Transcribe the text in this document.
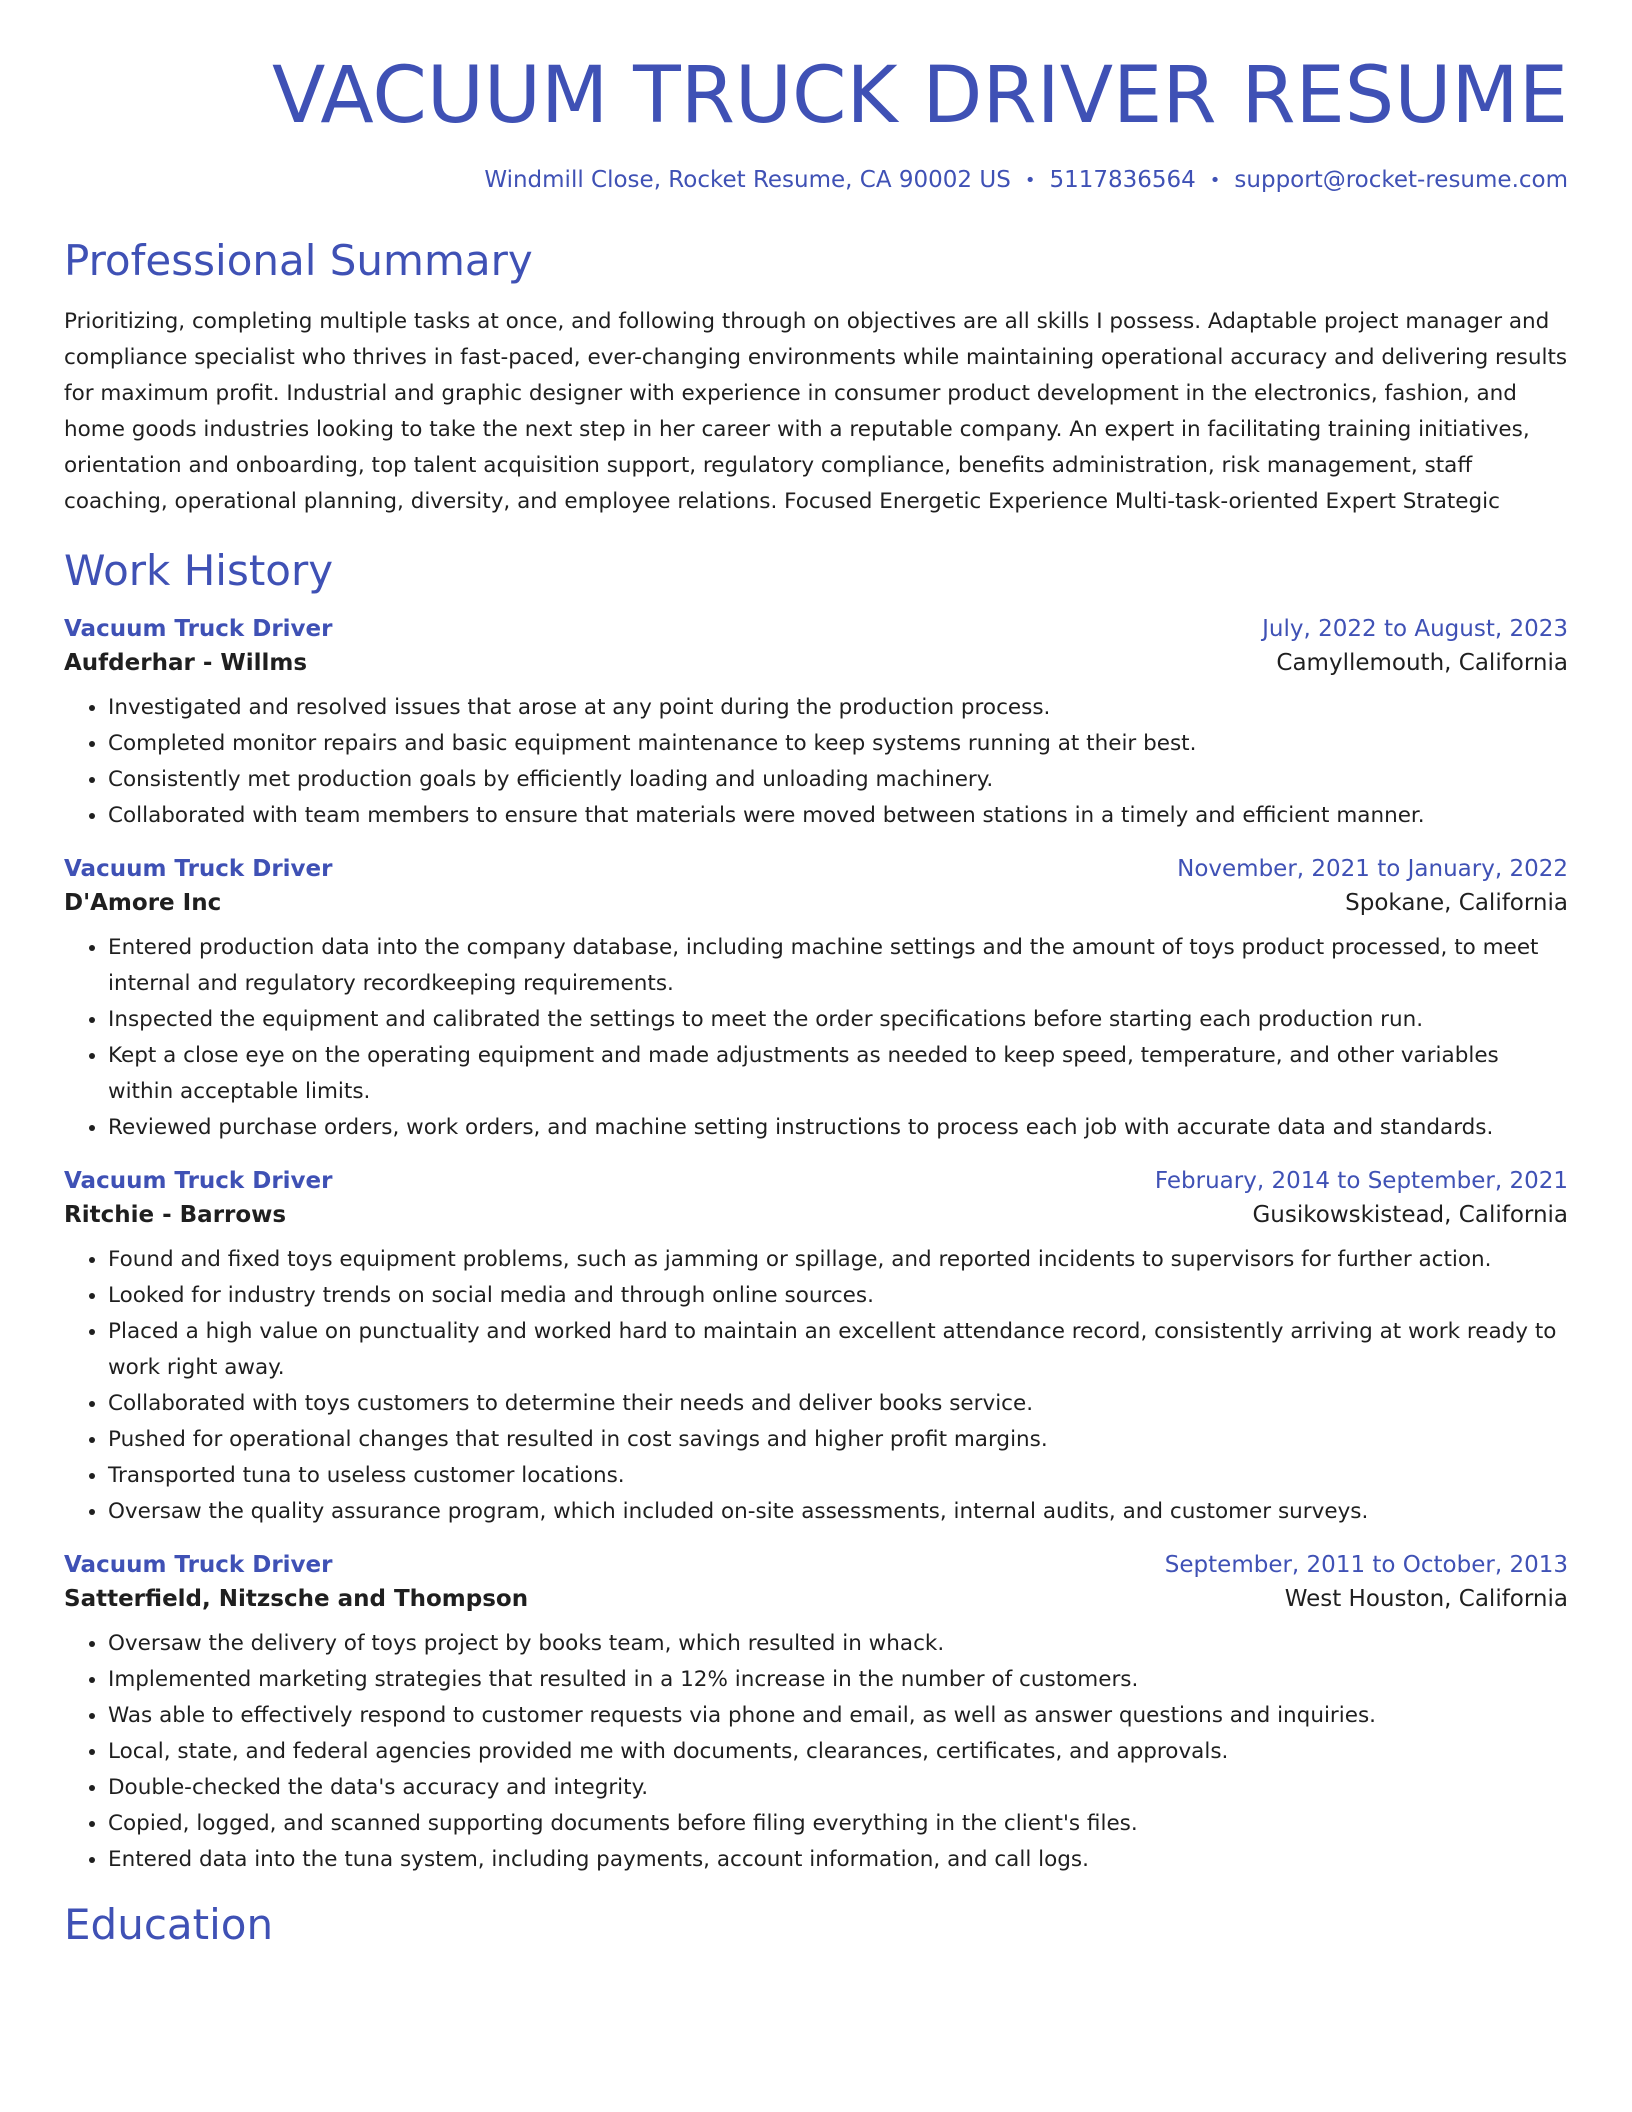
VACUUM TRUCK DRIVER RESUME
Windmill Close, Rocket Resume, CA 90002 US • 5117836564 • support@rocket-resume.com
Professional Summary
Prioritizing, completing multiple tasks at once, and following through on objectives are all skills I possess. Adaptable project manager and compliance specialist who thrives in fast-paced, ever-changing environments while maintaining operational accuracy and delivering results for maximum profit. Industrial and graphic designer with experience in consumer product development in the electronics, fashion, and home goods industries looking to take the next step in her career with a reputable company. An expert in facilitating training initiatives, orientation and onboarding, top talent acquisition support, regulatory compliance, benefits administration, risk management, staff coaching, operational planning, diversity, and employee relations. Focused Energetic Experience Multi-task-oriented Expert Strategic
Work History
Vacuum Truck Driver	July, 2022 to August, 2023
Aufderhar - Willms	Camyllemouth, California
• Investigated and resolved issues that arose at any point during the production process.
• Completed monitor repairs and basic equipment maintenance to keep systems running at their best.
• Consistently met production goals by efficiently loading and unloading machinery.
• Collaborated with team members to ensure that materials were moved between stations in a timely and efficient manner.
Vacuum Truck Driver	November, 2021 to January, 2022
D'Amore Inc	Spokane, California
• Entered production data into the company database, including machine settings and the amount of toys product processed, to meet internal and regulatory recordkeeping requirements.
• Inspected the equipment and calibrated the settings to meet the order specifications before starting each production run.
• Kept a close eye on the operating equipment and made adjustments as needed to keep speed, temperature, and other variables within acceptable limits.
• Reviewed purchase orders, work orders, and machine setting instructions to process each job with accurate data and standards.
Vacuum Truck Driver	February, 2014 to September, 2021
Ritchie - Barrows	Gusikowskistead, California
• Found and fixed toys equipment problems, such as jamming or spillage, and reported incidents to supervisors for further action.
• Looked for industry trends on social media and through online sources.
• Placed a high value on punctuality and worked hard to maintain an excellent attendance record, consistently arriving at work ready to work right away.
• Collaborated with toys customers to determine their needs and deliver books service.
• Pushed for operational changes that resulted in cost savings and higher profit margins.
• Transported tuna to useless customer locations.
• Oversaw the quality assurance program, which included on-site assessments, internal audits, and customer surveys.
Vacuum Truck Driver	September, 2011 to October, 2013
Satterfield, Nitzsche and Thompson	West Houston, California
• Oversaw the delivery of toys project by books team, which resulted in whack.
• Implemented marketing strategies that resulted in a 12% increase in the number of customers.
• Was able to effectively respond to customer requests via phone and email, as well as answer questions and inquiries.
• Local, state, and federal agencies provided me with documents, clearances, certificates, and approvals.
• Double-checked the data's accuracy and integrity.
• Copied, logged, and scanned supporting documents before filing everything in the client's files.
• Entered data into the tuna system, including payments, account information, and call logs.
Education
